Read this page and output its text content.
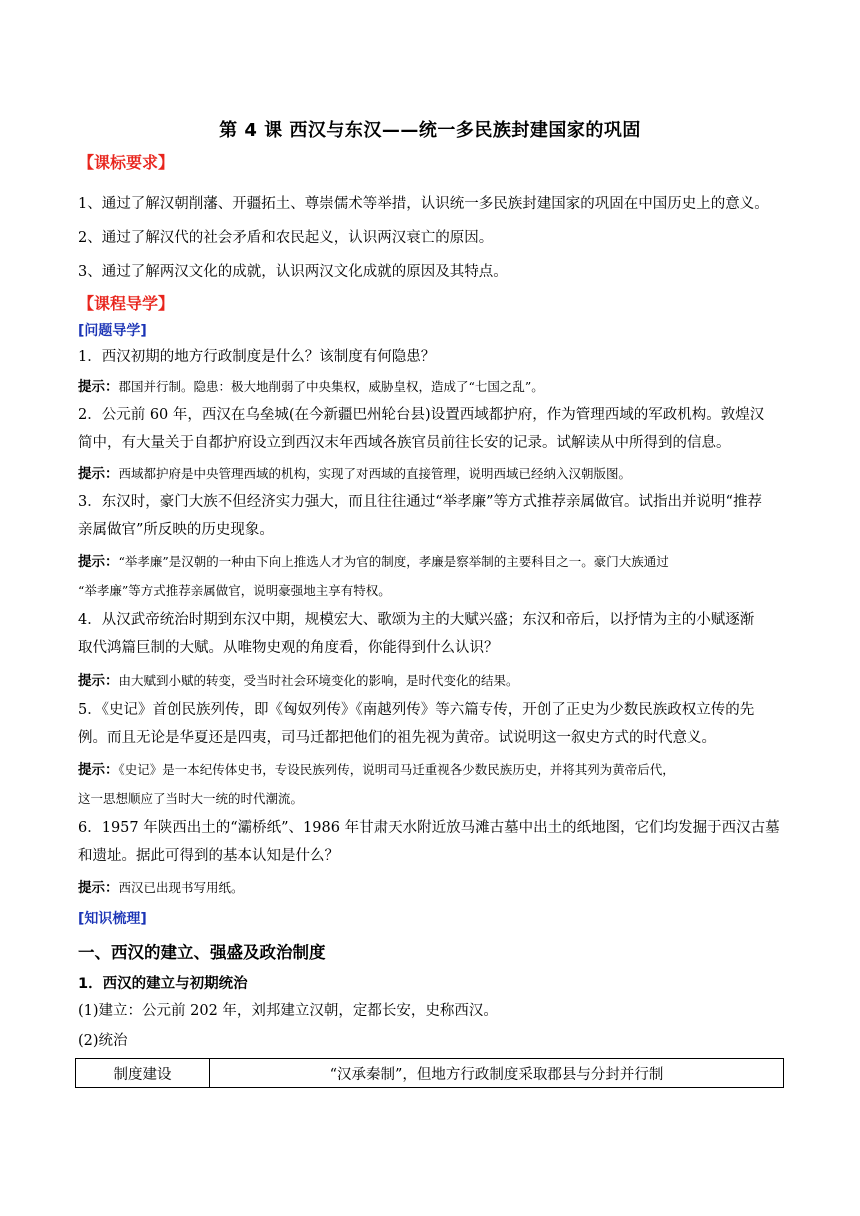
第 4 课 西汉与东汉——统一多民族封建国家的巩固
【课标要求】
1、通过了解汉朝削藩、开疆拓土、尊崇儒术等举措，认识统一多民族封建国家的巩固在中国历史上的意义。
2、通过了解汉代的社会矛盾和农民起义，认识两汉衰亡的原因。
3、通过了解两汉文化的成就，认识两汉文化成就的原因及其特点。
【课程导学】
[问题导学]
1．西汉初期的地方行政制度是什么？该制度有何隐患？
提示：郡国并行制。隐患：极大地削弱了中央集权，威胁皇权，造成了“七国之乱”。
2．公元前 60 年，西汉在乌垒城(在今新疆巴州轮台县)设置西域都护府，作为管理西域的军政机构。敦煌汉
简中，有大量关于自都护府设立到西汉末年西域各族官员前往长安的记录。试解读从中所得到的信息。
提示：西域都护府是中央管理西域的机构，实现了对西域的直接管理，说明西域已经纳入汉朝版图。
3．东汉时，豪门大族不但经济实力强大，而且往往通过“举孝廉”等方式推荐亲属做官。试指出并说明“推荐
亲属做官”所反映的历史现象。
提示：“举孝廉”是汉朝的一种由下向上推选人才为官的制度，孝廉是察举制的主要科目之一。豪门大族通过
“举孝廉”等方式推荐亲属做官，说明豪强地主享有特权。
4．从汉武帝统治时期到东汉中期，规模宏大、歌颂为主的大赋兴盛；东汉和帝后，以抒情为主的小赋逐渐
取代鸿篇巨制的大赋。从唯物史观的角度看，你能得到什么认识？
提示：由大赋到小赋的转变，受当时社会环境变化的影响，是时代变化的结果。
5．《史记》首创民族列传，即《匈奴列传》《南越列传》等六篇专传，开创了正史为少数民族政权立传的先
例。而且无论是华夏还是四夷，司马迁都把他们的祖先视为黄帝。试说明这一叙史方式的时代意义。
提示：《史记》是一本纪传体史书，专设民族列传，说明司马迁重视各少数民族历史，并将其列为黄帝后代，
这一思想顺应了当时大一统的时代潮流。
6．1957 年陕西出土的“灞桥纸”、1986 年甘肃天水附近放马滩古墓中出土的纸地图，它们均发掘于西汉古墓
和遗址。据此可得到的基本认知是什么？
提示：西汉已出现书写用纸。
[知识梳理]
一、西汉的建立、强盛及政治制度
1．西汉的建立与初期统治
(1)建立：公元前 202 年，刘邦建立汉朝，定都长安，史称西汉。
(2)统治
制度建设	“汉承秦制”，但地方行政制度采取郡县与分封并行制
